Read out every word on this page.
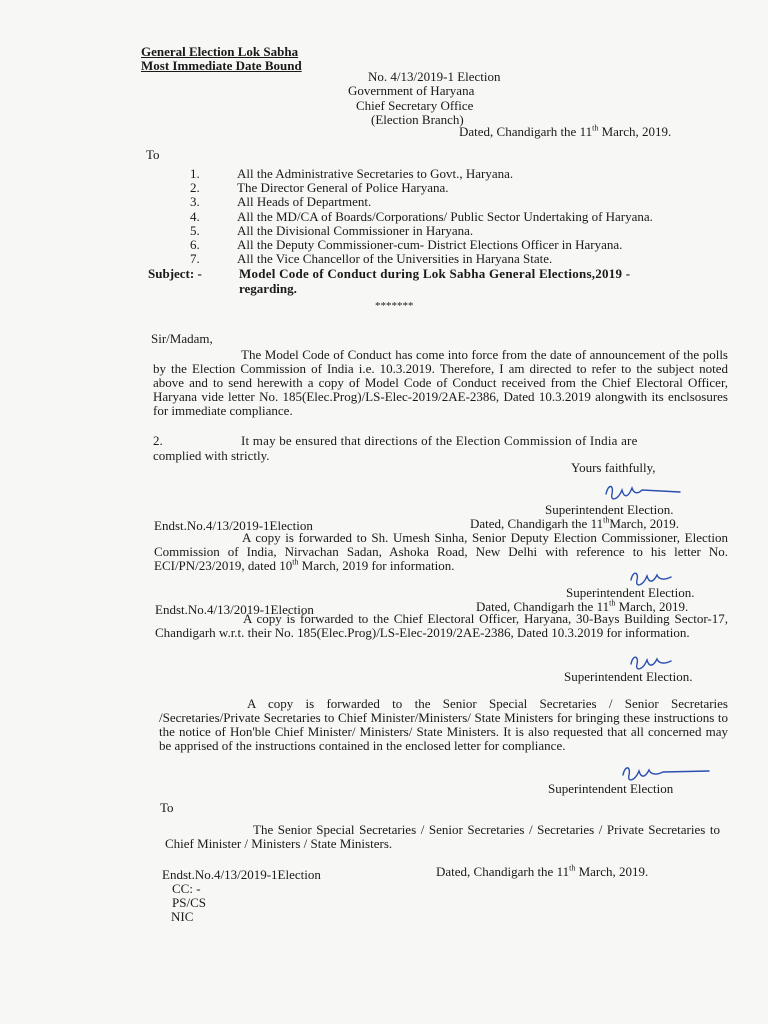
General Election Lok Sabha
Most Immediate Date Bound
No. 4/13/2019-1 Election
Government of Haryana
Chief Secretary Office
(Election Branch)
Dated, Chandigarh the 11th March, 2019.
To
1.	All the Administrative Secretaries to Govt., Haryana.
2.	The Director General of Police Haryana.
3.	All Heads of Department.
4.	All the MD/CA of Boards/Corporations/ Public Sector Undertaking of Haryana.
5.	All the Divisional Commissioner in Haryana.
6.	All the Deputy Commissioner-cum- District Elections Officer in Haryana.
7.	All the Vice Chancellor of the Universities in Haryana State.
Subject: -	Model Code of Conduct during Lok Sabha General Elections,2019 -
regarding.
*******
Sir/Madam,
The Model Code of Conduct has come into force from the date of announcement of the polls by the Election Commission of India i.e. 10.3.2019. Therefore, I am directed to refer to the subject noted above and to send herewith a copy of Model Code of Conduct received from the Chief Electoral Officer, Haryana vide letter No. 185(Elec.Prog)/LS-Elec-2019/2AE-2386, Dated 10.3.2019 alongwith its enclsosures for immediate compliance.
2.	It may be ensured that directions of the Election Commission of India are
complied with strictly.
Yours faithfully,
Superintendent Election.
Endst.No.4/13/2019-1Election	Dated, Chandigarh the 11thMarch, 2019.
A copy is forwarded to Sh. Umesh Sinha, Senior Deputy Election Commissioner, Election Commission of India, Nirvachan Sadan, Ashoka Road, New Delhi with reference to his letter No. ECI/PN/23/2019, dated 10th March, 2019 for information.
Superintendent Election.
Endst.No.4/13/2019-1Election	Dated, Chandigarh the 11th March, 2019.
A copy is forwarded to the Chief Electoral Officer, Haryana, 30-Bays Building Sector-17, Chandigarh w.r.t. their No. 185(Elec.Prog)/LS-Elec-2019/2AE-2386, Dated 10.3.2019 for information.
Superintendent Election.
A copy is forwarded to the Senior Special Secretaries / Senior Secretaries /Secretaries/Private Secretaries to Chief Minister/Ministers/ State Ministers for bringing these instructions to the notice of Hon'ble Chief Minister/ Ministers/ State Ministers. It is also requested that all concerned may be apprised of the instructions contained in the enclosed letter for compliance.
Superintendent Election
To
The Senior Special Secretaries / Senior Secretaries / Secretaries / Private Secretaries to Chief Minister / Ministers / State Ministers.
Endst.No.4/13/2019-1Election	Dated, Chandigarh the 11th March, 2019.
CC: -
PS/CS
NIC
